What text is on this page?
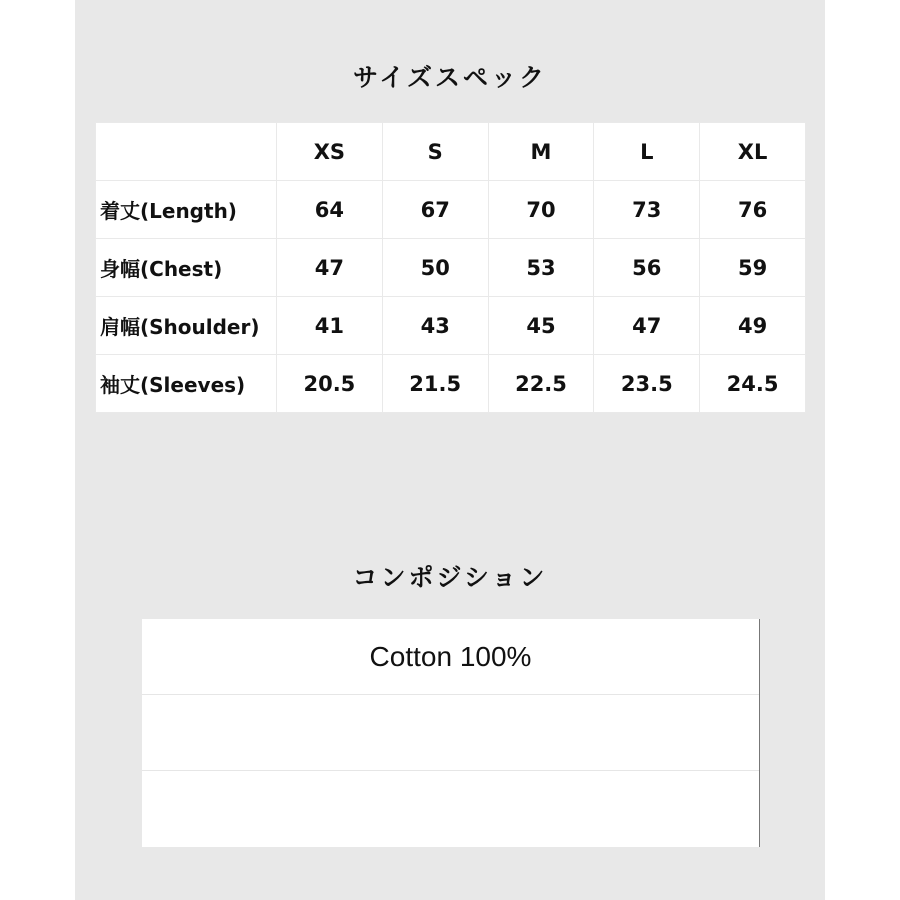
サイズスペック
	XS	S	M	L	XL
着丈(Length)	64	67	70	73	76
身幅(Chest)	47	50	53	56	59
肩幅(Shoulder)	41	43	45	47	49
袖丈(Sleeves)	20.5	21.5	22.5	23.5	24.5
コンポジション
Cotton 100%
